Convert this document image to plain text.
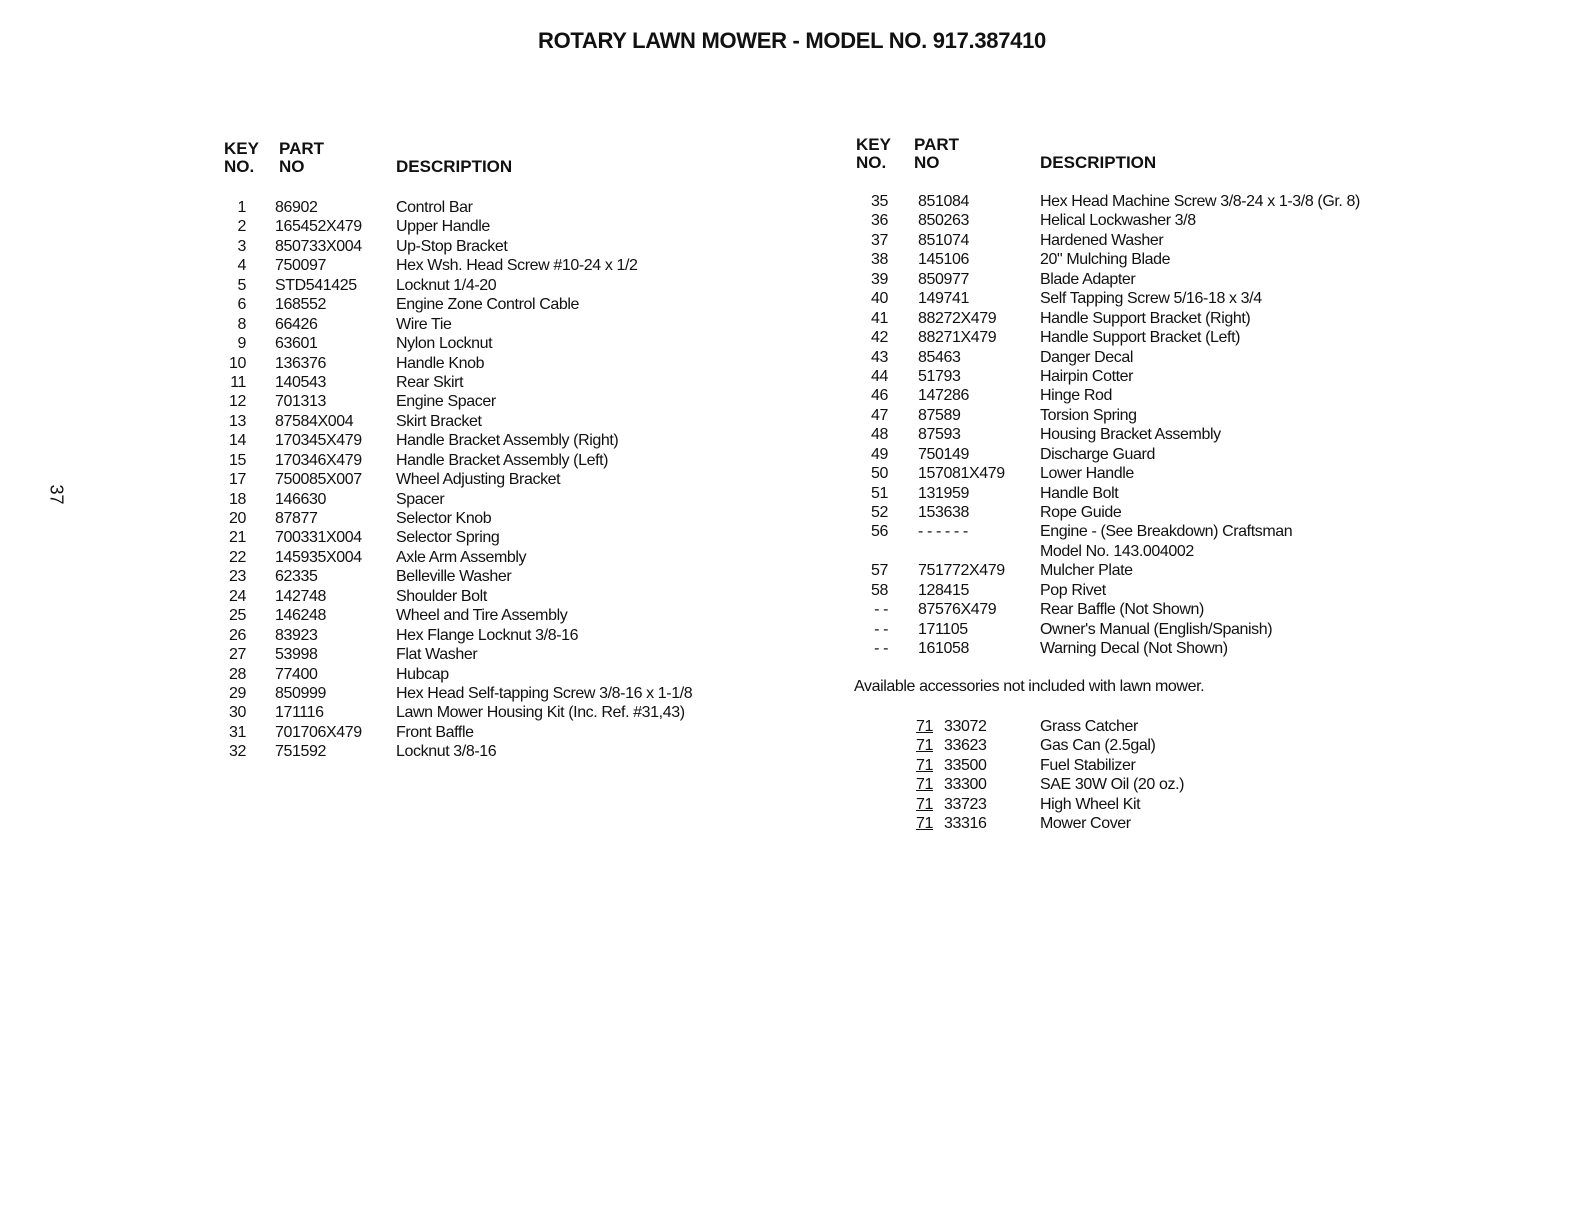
ROTARY LAWN MOWER - MODEL NO. 917.387410
37
KEY
NO.
PART
NO	DESCRIPTION
1 86902	Control Bar
2 165452X479 Upper Handle
3 850733X004 Up-Stop Bracket
4 750097	Hex Wsh. Head Screw #10-24 x 1/2
5 STD541425 Locknut 1/4-20
6 168552	Engine Zone Control Cable
8 66426	Wire Tie
9 63601	Nylon Locknut
10 136376	Handle Knob
11 140543	Rear Skirt
12 701313	Engine Spacer
13 87584X004	Skirt Bracket
14 170345X479 Handle Bracket Assembly (Right)
15 170346X479 Handle Bracket Assembly (Left)
17 750085X007 Wheel Adjusting Bracket
18 146630	Spacer
20 87877	Selector Knob
21 700331X004 Selector Spring
22 145935X004 Axle Arm Assembly
23 62335	Belleville Washer
24 142748	Shoulder Bolt
25 146248	Wheel and Tire Assembly
26 83923	Hex Flange Locknut 3/8-16
27 53998	Flat Washer
28 77400	Hubcap
29 850999	Hex Head Self-tapping Screw 3/8-16 x 1-1/8
30 171116	Lawn Mower Housing Kit (Inc. Ref. #31,43)
31 701706X479 Front Baffle
32 751592	Locknut 3/8-16
KEY
NO.
PART
NO	DESCRIPTION
35 851084	Hex Head Machine Screw 3/8-24 x 1-3/8 (Gr. 8)
36 850263	Helical Lockwasher 3/8
37 851074	Hardened Washer
38 145106	20" Mulching Blade
39 850977	Blade Adapter
40 149741	Self Tapping Screw 5/16-18 x 3/4
41 88272X479	Handle Support Bracket (Right)
42 88271X479	Handle Support Bracket (Left)
43 85463	Danger Decal
44 51793	Hairpin Cotter
46 147286	Hinge Rod
47 87589	Torsion Spring
48 87593	Housing Bracket Assembly
49 750149	Discharge Guard
50 157081X479 Lower Handle
51 131959	Handle Bolt
52 153638	Rope Guide
56 - - - - - -	Engine - (See Breakdown) Craftsman
Model No. 143.004002
57 751772X479 Mulcher Plate
58 128415	Pop Rivet
- - 87576X479	Rear Baffle (Not Shown)
- - 171105	Owner's Manual (English/Spanish)
- - 161058	Warning Decal (Not Shown)
Available accessories not included with lawn mower.
71 33072	Grass Catcher
71 33623	Gas Can (2.5gal)
71 33500	Fuel Stabilizer
71 33300	SAE 30W Oil (20 oz.)
71 33723	High Wheel Kit
71 33316	Mower Cover
